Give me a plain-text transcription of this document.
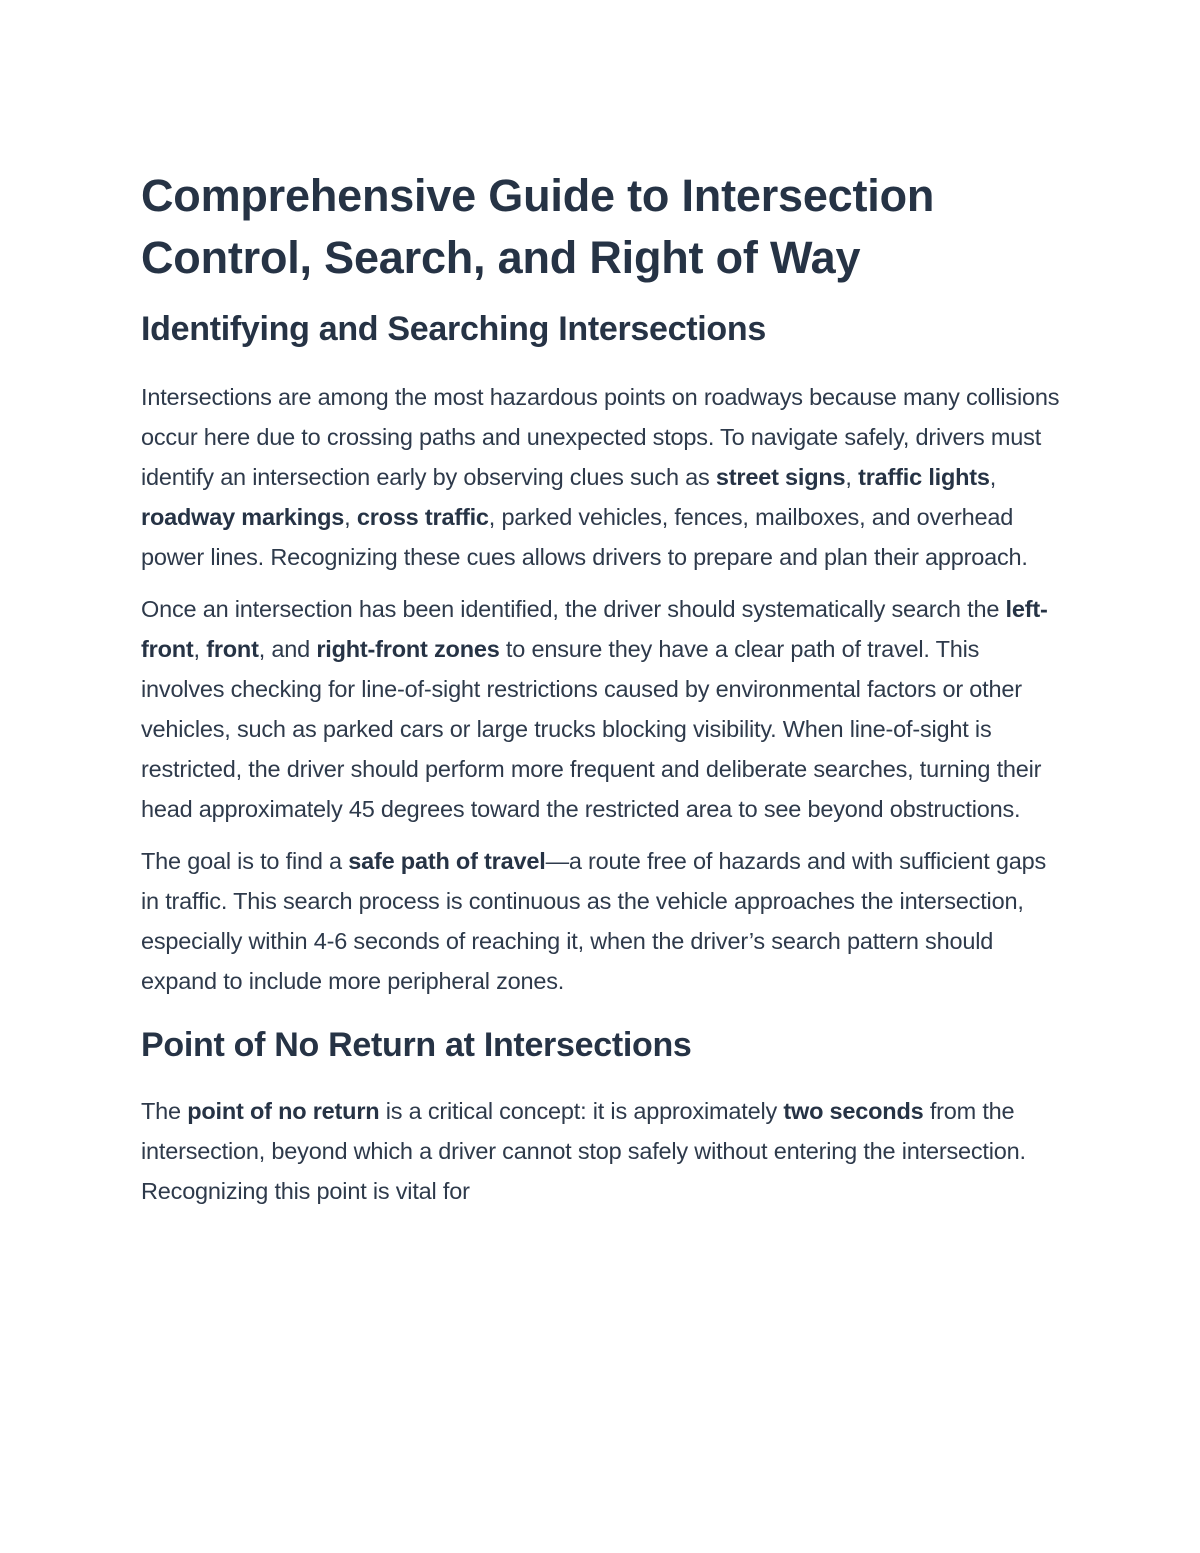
Comprehensive Guide to Intersection Control, Search, and Right of Way
Identifying and Searching Intersections

Intersections are among the most hazardous points on roadways because many collisions occur here due to crossing paths and unexpected stops. To navigate safely, drivers must identify an intersection early by observing clues such as street signs, traffic lights, roadway markings, cross traffic, parked vehicles, fences, mailboxes, and overhead power lines. Recognizing these cues allows drivers to prepare and plan their approach.

Once an intersection has been identified, the driver should systematically search the left-front, front, and right-front zones to ensure they have a clear path of travel. This involves checking for line-of-sight restrictions caused by environmental factors or other vehicles, such as parked cars or large trucks blocking visibility. When line-of-sight is restricted, the driver should perform more frequent and deliberate searches, turning their head approximately 45 degrees toward the restricted area to see beyond obstructions.

The goal is to find a safe path of travel—a route free of hazards and with sufficient gaps in traffic. This search process is continuous as the vehicle approaches the intersection, especially within 4-6 seconds of reaching it, when the driver’s search pattern should expand to include more peripheral zones.

Point of No Return at Intersections

The point of no return is a critical concept: it is approximately two seconds from the intersection, beyond which a driver cannot stop safely without entering the intersection. Recognizing this point is vital for
